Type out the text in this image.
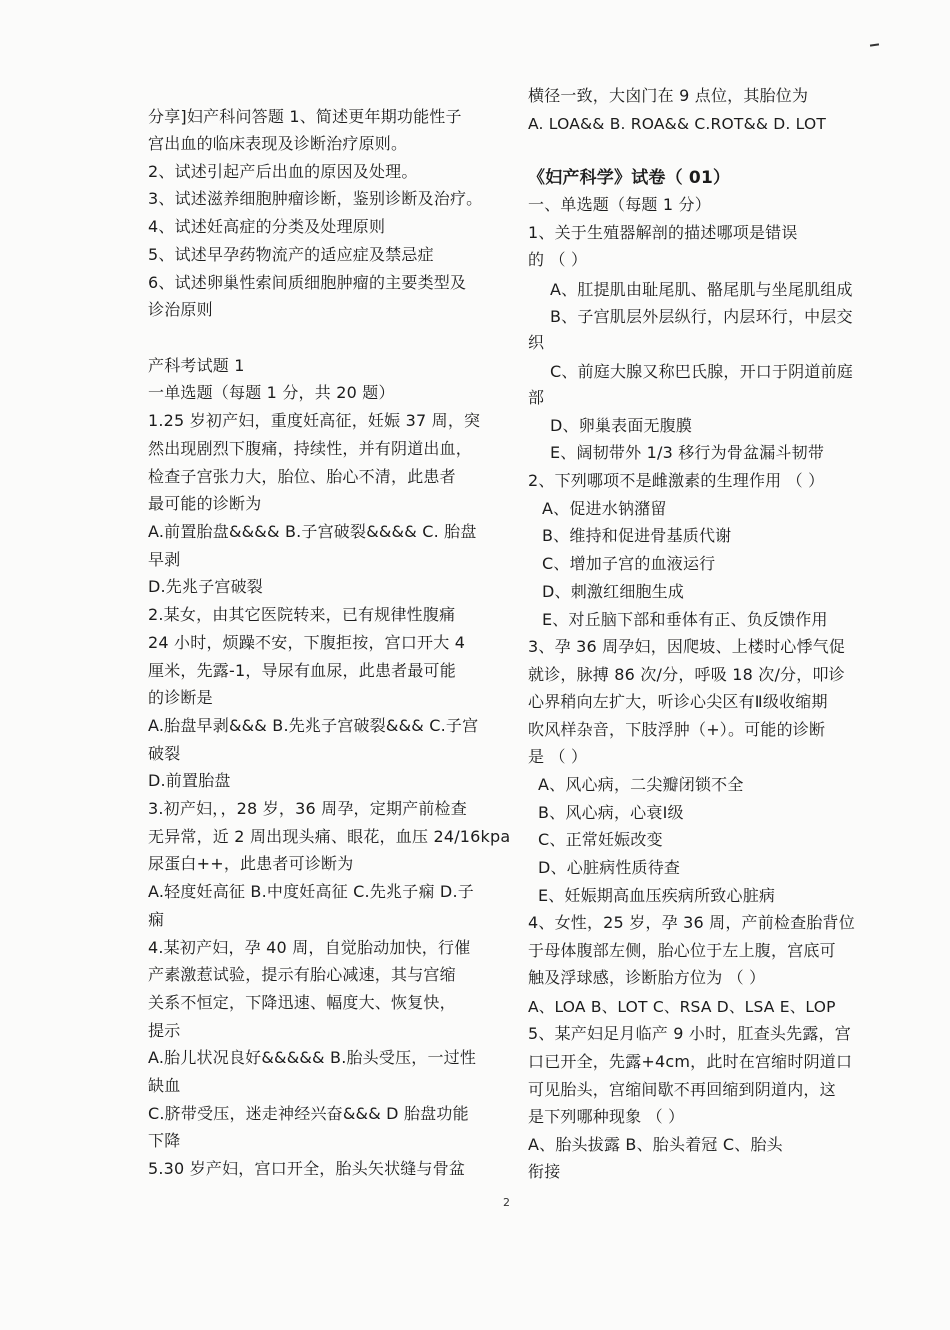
分享]妇产科问答题 1、简述更年期功能性子
宫出血的临床表现及诊断治疗原则。
2、试述引起产后出血的原因及处理。
3、试述滋养细胞肿瘤诊断，鉴别诊断及治疗。
4、试述妊高症的分类及处理原则
5、试述早孕药物流产的适应症及禁忌症
6、试述卵巢性索间质细胞肿瘤的主要类型及
诊治原则
产科考试题 1
一单选题（每题 1 分，共 20 题）
1.25 岁初产妇，重度妊高征，妊娠 37 周，突
然出现剧烈下腹痛，持续性，并有阴道出血，
检查子宫张力大，胎位、胎心不清，此患者
最可能的诊断为
A.前置胎盘&&&& B.子宫破裂&&&& C. 胎盘
早剥
D.先兆子宫破裂
2.某女，由其它医院转来，已有规律性腹痛
24 小时，烦躁不安，下腹拒按，宫口开大 4
厘米，先露-1，导尿有血尿，此患者最可能
的诊断是
A.胎盘早剥&&& B.先兆子宫破裂&&& C.子宫
破裂
D.前置胎盘
3.初产妇，，28 岁，36 周孕，定期产前检查
无异常，近 2 周出现头痛、眼花，血压 24/16kpa
尿蛋白++，此患者可诊断为
A.轻度妊高征 B.中度妊高征 C.先兆子痫 D.子
痫
4.某初产妇，孕 40 周，自觉胎动加快，行催
产素激惹试验，提示有胎心减速，其与宫缩
关系不恒定，下降迅速、幅度大、恢复快，
提示
A.胎儿状况良好&&&&& B.胎头受压，一过性
缺血
C.脐带受压，迷走神经兴奋&&& D 胎盘功能
下降
5.30 岁产妇，宫口开全，胎头矢状缝与骨盆
横径一致，大囟门在 9 点位，其胎位为
A. LOA&& B. ROA&& C.ROT&& D. LOT
《妇产科学》试卷（ 01）
一、单选题（每题 1 分）
1、关于生殖器解剖的描述哪项是错误
的 （ ）
A、肛提肌由耻尾肌、骼尾肌与坐尾肌组成
B、子宫肌层外层纵行，内层环行，中层交
织
C、前庭大腺又称巴氏腺，开口于阴道前庭
部
D、卵巢表面无腹膜
E、阔韧带外 1/3 移行为骨盆漏斗韧带
2、下列哪项不是雌激素的生理作用 （ ）
A、促进水钠潴留
B、维持和促进骨基质代谢
C、增加子宫的血液运行
D、刺激红细胞生成
E、对丘脑下部和垂体有正、负反馈作用
3、孕 36 周孕妇，因爬坡、上楼时心悸气促
就诊，脉搏 86 次/分，呼吸 18 次/分，叩诊
心界稍向左扩大，听诊心尖区有Ⅱ级收缩期
吹风样杂音，下肢浮肿（+）。可能的诊断
是 （ ）
A、风心病，二尖瓣闭锁不全
B、风心病，心衰Ⅰ级
C、正常妊娠改变
D、心脏病性质待查
E、妊娠期高血压疾病所致心脏病
4、女性，25 岁，孕 36 周，产前检查胎背位
于母体腹部左侧，胎心位于左上腹，宫底可
触及浮球感，诊断胎方位为 （ ）
A、LOA B、LOT C、RSA D、LSA E、LOP
5、某产妇足月临产 9 小时，肛查头先露，宫
口已开全，先露+4cm，此时在宫缩时阴道口
可见胎头，宫缩间歇不再回缩到阴道内，这
是下列哪种现象 （ ）
A、胎头拔露 B、胎头着冠 C、胎头
衔接
2
